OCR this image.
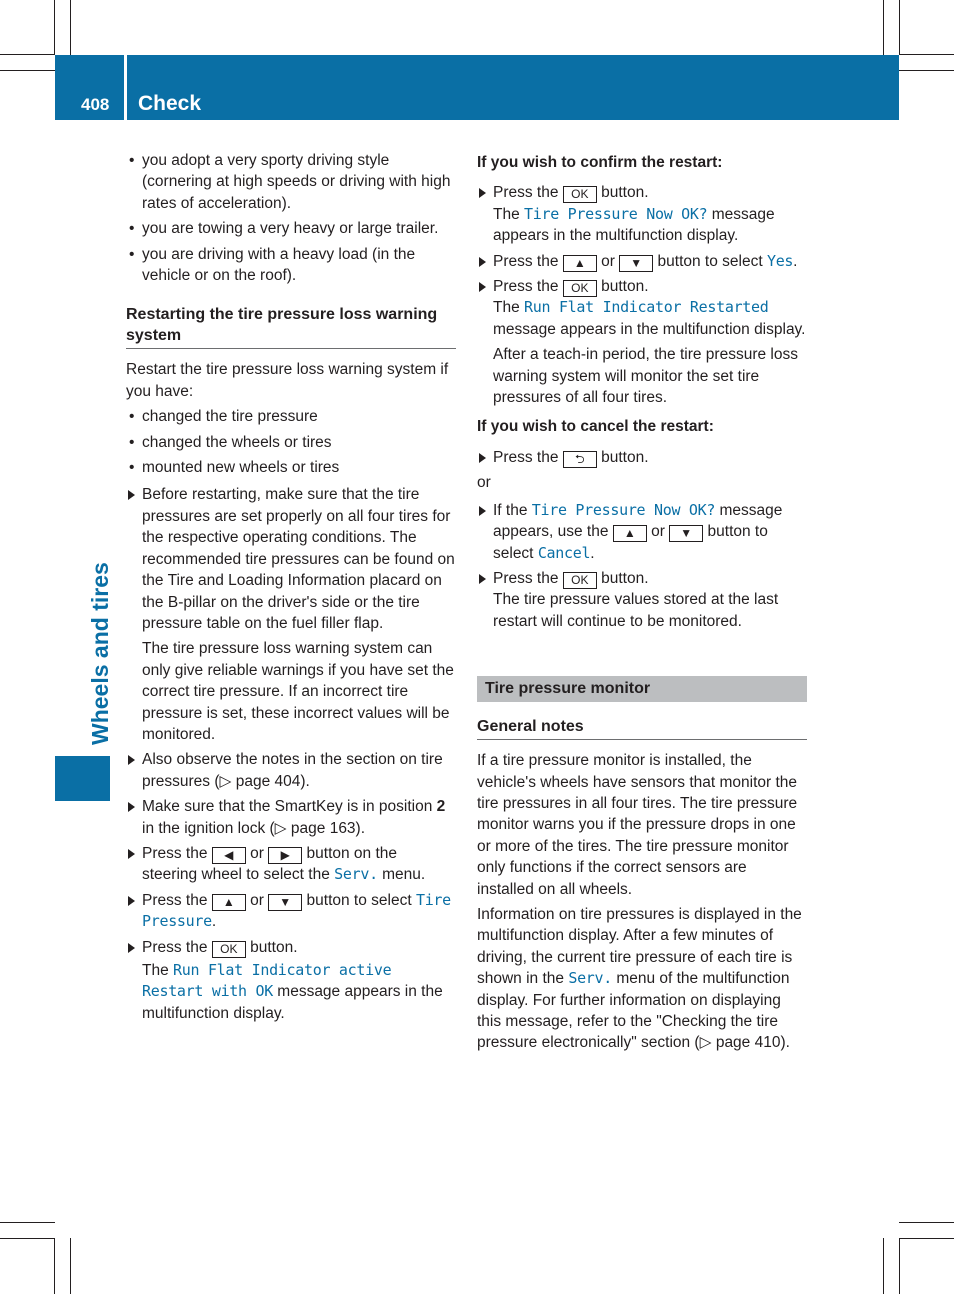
408 Check
Wheels and tires
• you adopt a very sporty driving style (cornering at high speeds or driving with high rates of acceleration).
• you are towing a very heavy or large trailer.
• you are driving with a heavy load (in the vehicle or on the roof).
Restarting the tire pressure loss warning system

Restart the tire pressure loss warning system if you have:

• changed the tire pressure
• changed the wheels or tires
• mounted new wheels or tires
Before restarting, make sure that the tire pressures are set properly on all four tires for the respective operating conditions. The recommended tire pressures can be found on the Tire and Loading Information placard on the B-pillar on the driver's side or the tire pressure table on the fuel filler flap.

The tire pressure loss warning system can only give reliable warnings if you have set the correct tire pressure. If an incorrect tire pressure is set, these incorrect values will be monitored.

Also observe the notes in the section on tire pressures (▷ page 404).
Make sure that the SmartKey is in position 2 in the ignition lock (▷ page 163).
Press the ◀ or ▶ button on the steering wheel to select the Serv. menu.
Press the ▲ or ▼ button to select Tire Pressure.
Press the OK button.
The Run Flat Indicator active Restart with OK message appears in the multifunction display.
If you wish to confirm the restart:
Press the OK button.
The Tire Pressure Now OK? message appears in the multifunction display.
Press the ▲ or ▼ button to select Yes.
Press the OK button.
The Run Flat Indicator Restarted message appears in the multifunction display.

After a teach-in period, the tire pressure loss warning system will monitor the set tire pressures of all four tires.

If you wish to cancel the restart:
Press the ⮌ button.
or
If the Tire Pressure Now OK? message appears, use the ▲ or ▼ button to select Cancel.
Press the OK button.
The tire pressure values stored at the last restart will continue to be monitored.
Tire pressure monitor
General notes

If a tire pressure monitor is installed, the vehicle's wheels have sensors that monitor the tire pressures in all four tires. The tire pressure monitor warns you if the pressure drops in one or more of the tires. The tire pressure monitor only functions if the correct sensors are installed on all wheels.

Information on tire pressures is displayed in the multifunction display. After a few minutes of driving, the current tire pressure of each tire is shown in the Serv. menu of the multifunction display. For further information on displaying this message, refer to the "Checking the tire pressure electronically" section (▷ page 410).
